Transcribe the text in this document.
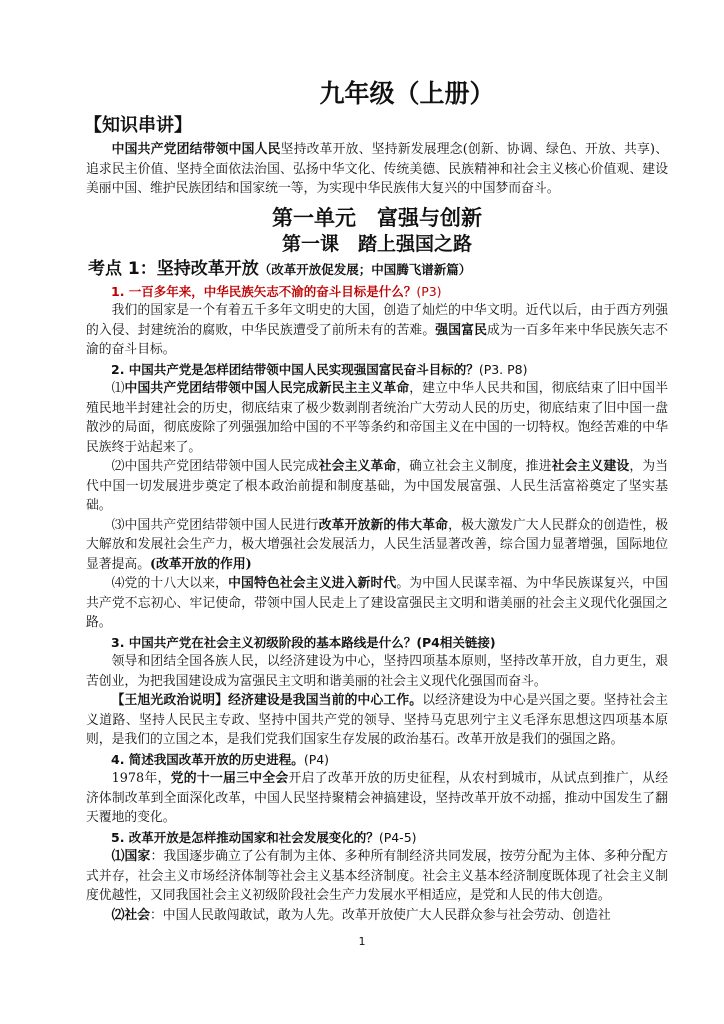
九年级（上册）
【知识串讲】

中国共产党团结带领中国人民坚持改革开放、坚持新发展理念(创新、协调、绿色、开放、共享)、追求民主价值、坚持全面依法治国、弘扬中华文化、传统美德、民族精神和社会主义核心价值观、建设美丽中国、维护民族团结和国家统一等，为实现中华民族伟大复兴的中国梦而奋斗。

第一单元　富强与创新
第一课　踏上强国之路
考点 1：坚持改革开放（改革开放促发展；中国腾飞谱新篇）
1. 一百多年来，中华民族矢志不渝的奋斗目标是什么？(P3)

我们的国家是一个有着五千多年文明史的大国，创造了灿烂的中华文明。近代以后，由于西方列强的入侵、封建统治的腐败，中华民族遭受了前所未有的苦难。强国富民成为一百多年来中华民族矢志不渝的奋斗目标。

2. 中国共产党是怎样团结带领中国人民实现强国富民奋斗目标的？(P3. P8)

⑴中国共产党团结带领中国人民完成新民主主义革命，建立中华人民共和国，彻底结束了旧中国半殖民地半封建社会的历史，彻底结束了极少数剥削者统治广大劳动人民的历史，彻底结束了旧中国一盘散沙的局面，彻底废除了列强强加给中国的不平等条约和帝国主义在中国的一切特权。饱经苦难的中华民族终于站起来了。

⑵中国共产党团结带领中国人民完成社会主义革命，确立社会主义制度，推进社会主义建设，为当代中国一切发展进步奠定了根本政治前提和制度基础，为中国发展富强、人民生活富裕奠定了坚实基础。

⑶中国共产党团结带领中国人民进行改革开放新的伟大革命，极大激发广大人民群众的创造性，极大解放和发展社会生产力，极大增强社会发展活力，人民生活显著改善，综合国力显著增强，国际地位显著提高。(改革开放的作用)

⑷党的十八大以来，中国特色社会主义进入新时代。为中国人民谋幸福、为中华民族谋复兴，中国共产党不忘初心、牢记使命，带领中国人民走上了建设富强民主文明和谐美丽的社会主义现代化强国之路。

3. 中国共产党在社会主义初级阶段的基本路线是什么？(P4相关链接)

领导和团结全国各族人民，以经济建设为中心，坚持四项基本原则，坚持改革开放，自力更生，艰苦创业，为把我国建设成为富强民主文明和谐美丽的社会主义现代化强国而奋斗。

【王旭光政治说明】经济建设是我国当前的中心工作。以经济建设为中心是兴国之要。坚持社会主义道路、坚持人民民主专政、坚持中国共产党的领导、坚持马克思列宁主义毛泽东思想这四项基本原则，是我们的立国之本，是我们党我们国家生存发展的政治基石。改革开放是我们的强国之路。

4. 简述我国改革开放的历史进程。(P4)

1978年，党的十一届三中全会开启了改革开放的历史征程，从农村到城市，从试点到推广，从经济体制改革到全面深化改革，中国人民坚持聚精会神搞建设，坚持改革开放不动摇，推动中国发生了翻天覆地的变化。

5. 改革开放是怎样推动国家和社会发展变化的？(P4-5)

⑴国家：我国逐步确立了公有制为主体、多种所有制经济共同发展，按劳分配为主体、多种分配方式并存，社会主义市场经济体制等社会主义基本经济制度。社会主义基本经济制度既体现了社会主义制度优越性，又同我国社会主义初级阶段社会生产力发展水平相适应，是党和人民的伟大创造。

⑵社会：中国人民敢闯敢试，敢为人先。改革开放使广大人民群众参与社会劳动、创造社

1
